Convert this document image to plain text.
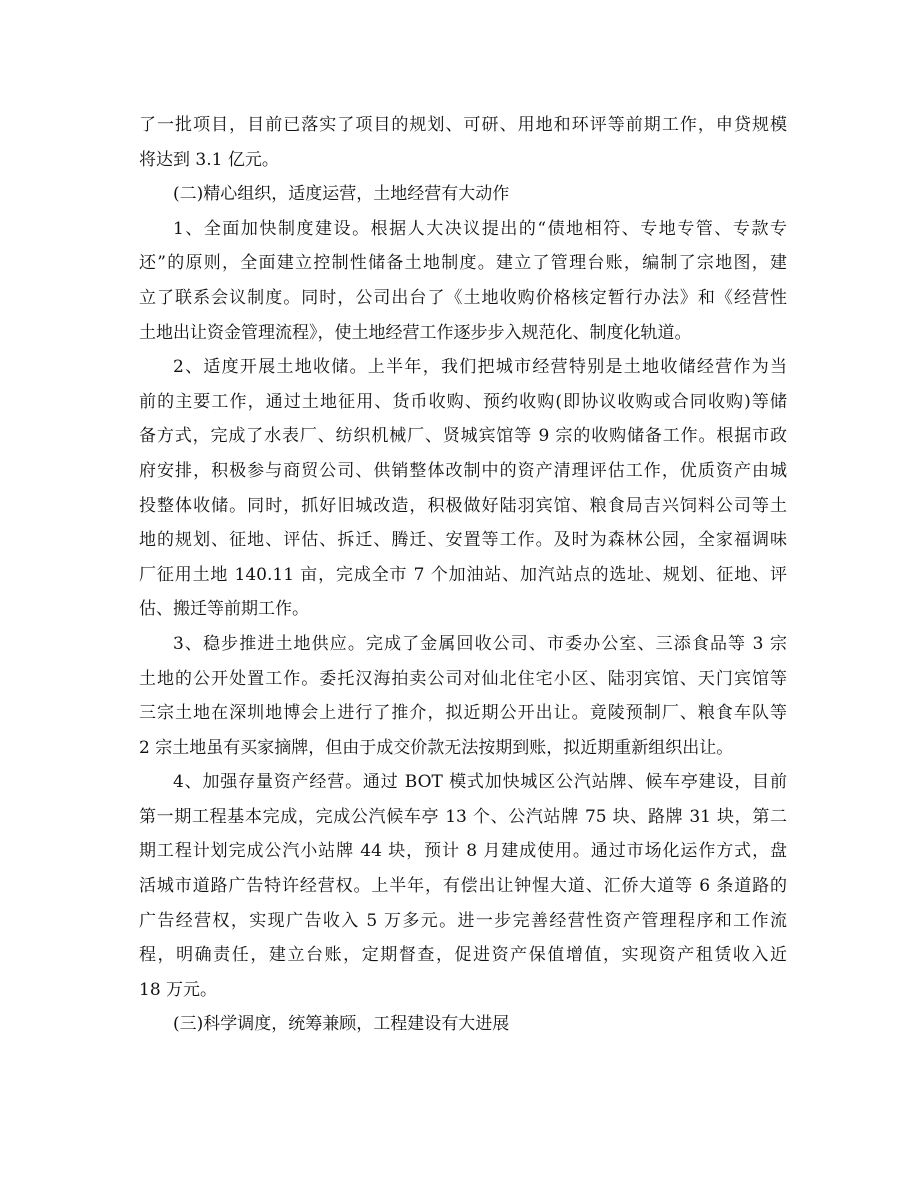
了一批项目，目前已落实了项目的规划、可研、用地和环评等前期工作，申贷规模
将达到 3.1 亿元。
(二)精心组织，适度运营，土地经营有大动作
1、全面加快制度建设。根据人大决议提出的“债地相符、专地专管、专款专
还”的原则，全面建立控制性储备土地制度。建立了管理台账，编制了宗地图，建
立了联系会议制度。同时，公司出台了《土地收购价格核定暂行办法》和《经营性
土地出让资金管理流程》，使土地经营工作逐步步入规范化、制度化轨道。
2、适度开展土地收储。上半年，我们把城市经营特别是土地收储经营作为当
前的主要工作，通过土地征用、货币收购、预约收购(即协议收购或合同收购)等储
备方式，完成了水表厂、纺织机械厂、贤城宾馆等 9 宗的收购储备工作。根据市政
府安排，积极参与商贸公司、供销整体改制中的资产清理评估工作，优质资产由城
投整体收储。同时，抓好旧城改造，积极做好陆羽宾馆、粮食局吉兴饲料公司等土
地的规划、征地、评估、拆迁、腾迁、安置等工作。及时为森林公园，全家福调味
厂征用土地 140.11 亩，完成全市 7 个加油站、加汽站点的选址、规划、征地、评
估、搬迁等前期工作。
3、稳步推进土地供应。完成了金属回收公司、市委办公室、三添食品等 3 宗
土地的公开处置工作。委托汉海拍卖公司对仙北住宅小区、陆羽宾馆、天门宾馆等
三宗土地在深圳地博会上进行了推介，拟近期公开出让。竟陵预制厂、粮食车队等
2 宗土地虽有买家摘牌，但由于成交价款无法按期到账，拟近期重新组织出让。
4、加强存量资产经营。通过 BOT 模式加快城区公汽站牌、候车亭建设，目前
第一期工程基本完成，完成公汽候车亭 13 个、公汽站牌 75 块、路牌 31 块，第二
期工程计划完成公汽小站牌 44 块，预计 8 月建成使用。通过市场化运作方式，盘
活城市道路广告特许经营权。上半年，有偿出让钟惺大道、汇侨大道等 6 条道路的
广告经营权，实现广告收入 5 万多元。进一步完善经营性资产管理程序和工作流
程，明确责任，建立台账，定期督查，促进资产保值增值，实现资产租赁收入近
18 万元。
(三)科学调度，统筹兼顾，工程建设有大进展
